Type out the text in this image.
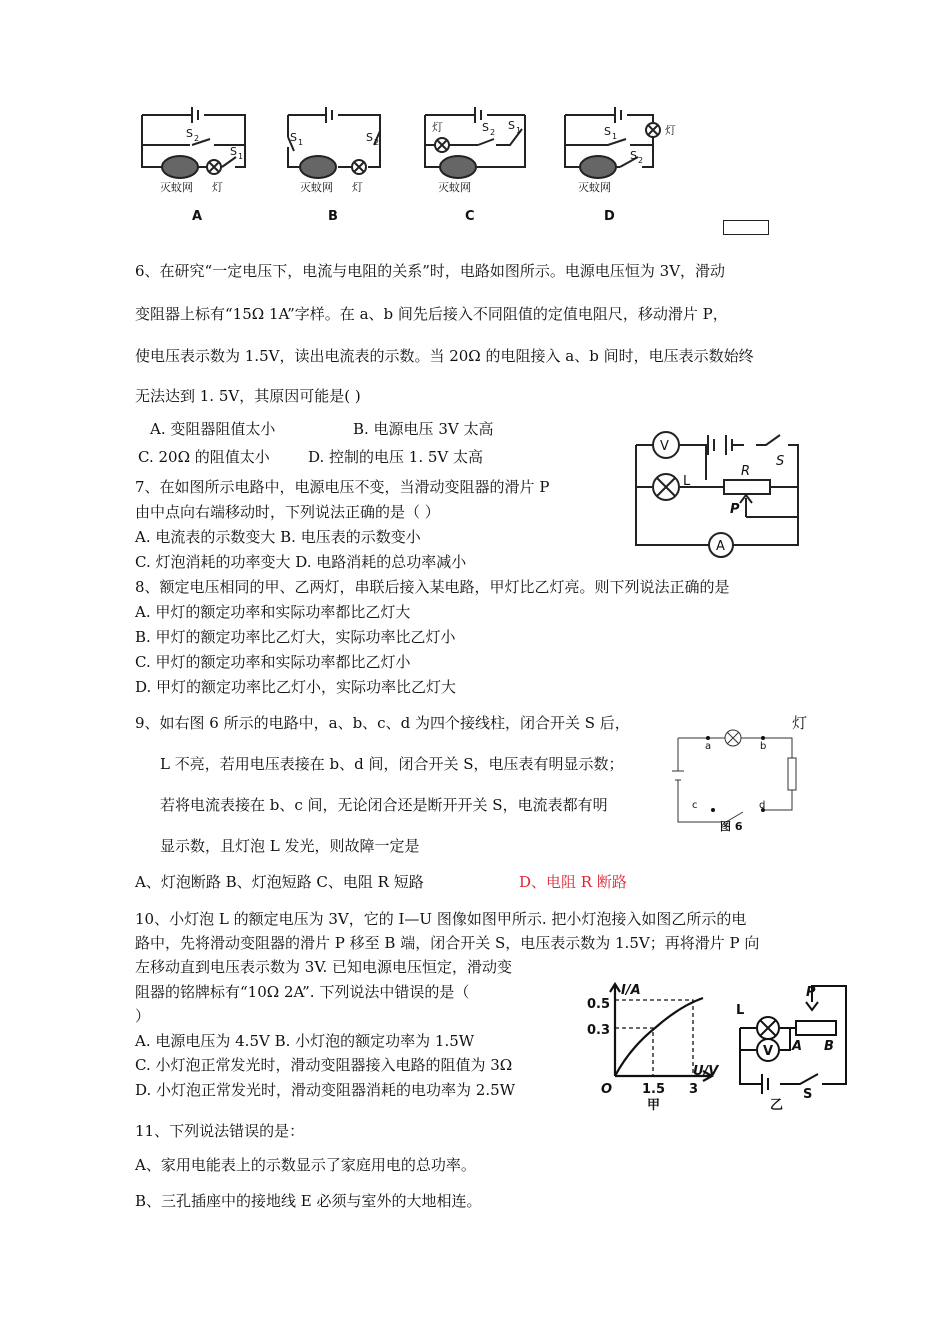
S 2
S 1
灭蚊网 灯
S 1	S 2
灭蚊网 灯
灯	S 2
S 1
灭蚊网
灯
S 1
S 2
灭蚊网
A	B	C	D
6、在研究“一定电压下，电流与电阻的关系”时，电路如图所示。电源电压恒为 3V，滑动
变阻器上标有“15Ω 1A”字样。在 a、b 间先后接入不同阻值的定值电阻尺，移动滑片 P，
使电压表示数为 1.5V，读出电流表的示数。当 20Ω 的电阻接入 a、b 间时，电压表示数始终
无法达到 1. 5V，其原因可能是( )
A. 变阻器阻值太小	B. 电源电压 3V 太高
C. 20Ω 的阻值太小	D. 控制的电压 1. 5V 太高
V
L
R
P
S
A
7、在如图所示电路中，电源电压不变，当滑动变阻器的滑片 P
由中点向右端移动时，下列说法正确的是（ ）
A. 电流表的示数变大 B. 电压表的示数变小
C. 灯泡消耗的功率变大 D. 电路消耗的总功率减小
8、额定电压相同的甲、乙两灯，串联后接入某电路，甲灯比乙灯亮。则下列说法正确的是
A. 甲灯的额定功率和实际功率都比乙灯大
B. 甲灯的额定功率比乙灯大，实际功率比乙灯小
C. 甲灯的额定功率和实际功率都比乙灯小
D. 甲灯的额定功率比乙灯小，实际功率比乙灯大
9、如右图 6 所示的电路中，a、b、c、d 为四个接线柱，闭合开关 S 后，	灯
L 不亮，若用电压表接在 b、d 间，闭合开关 S，电压表有明显示数；
若将电流表接在 b、c 间，无论闭合还是断开开关 S，电流表都有明
显示数，且灯泡 L 发光，则故障一定是
A、灯泡断路 B、灯泡短路 C、电阻 R 短路	D、电阻 R 断路
a	b
c	d
图 6
10、小灯泡 L 的额定电压为 3V，它的 I—U 图像如图甲所示. 把小灯泡接入如图乙所示的电
路中，先将滑动变阻器的滑片 P 移至 B 端，闭合开关 S，电压表示数为 1.5V；再将滑片 P 向
左移动直到电压表示数为 3V. 已知电源电压恒定，滑动变
阻器的铭牌标有“10Ω 2A”. 下列说法中错误的是（
）
A. 电源电压为 4.5V B. 小灯泡的额定功率为 1.5W
C. 小灯泡正常发光时，滑动变阻器接入电路的阻值为 3Ω
D. 小灯泡正常发光时，滑动变阻器消耗的电功率为 2.5W
I/A
U/V
0.5
0.3
O 1.5 3
甲
L
P
A B
V
S
乙
11、下列说法错误的是：
A、家用电能表上的示数显示了家庭用电的总功率。
B、三孔插座中的接地线 E 必须与室外的大地相连。
